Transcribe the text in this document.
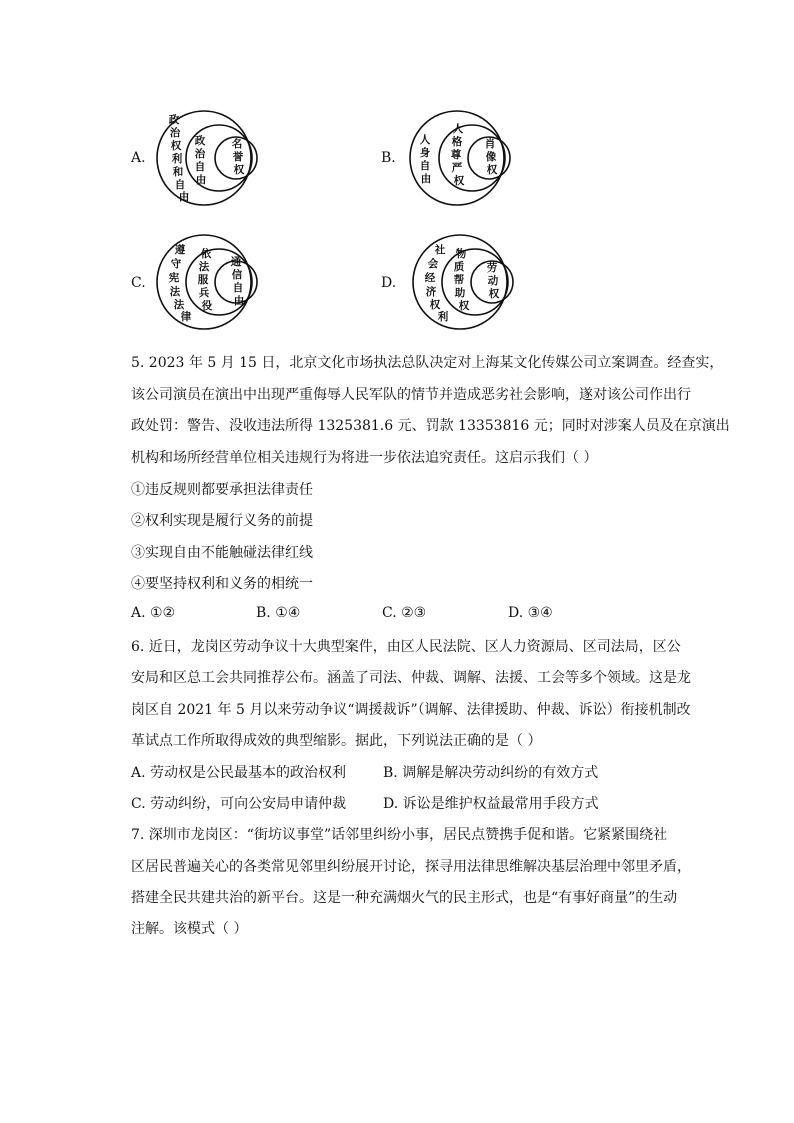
A.
政
治
权
利
和
自
由
政
治
自
由
名
誉
权
B.
人
身
自
由
人
格
尊
严
权
肖
像
权
C.
遵
守
宪
法
法
律
依
法
服
兵
役
通
信
自
由
D.
社
会
经
济
权
利
物
质
帮
助
权
劳
动
权
5. 2023 年 5 月 15 日，北京文化市场执法总队决定对上海某文化传媒公司立案调查。经查实，
该公司演员在演出中出现严重侮辱人民军队的情节并造成恶劣社会影响，遂对该公司作出行
政处罚：警告、没收违法所得 1325381.6 元、罚款 13353816 元；同时对涉案人员及在京演出
机构和场所经营单位相关违规行为将进一步依法追究责任。这启示我们（ ）
①违反规则都要承担法律责任
②权利实现是履行义务的前提
③实现自由不能触碰法律红线
④要坚持权利和义务的相统一
A. ①②	B. ①④	C. ②③	D. ③④
6. 近日，龙岗区劳动争议十大典型案件，由区人民法院、区人力资源局、区司法局，区公
安局和区总工会共同推荐公布。涵盖了司法、仲裁、调解、法援、工会等多个领域。这是龙
岗区自 2021 年 5 月以来劳动争议“调援裁诉”（调解、法律援助、仲裁、诉讼）衔接机制改
革试点工作所取得成效的典型缩影。据此，下列说法正确的是（ ）
A. 劳动权是公民最基本的政治权利	B. 调解是解决劳动纠纷的有效方式
C. 劳动纠纷，可向公安局申请仲裁	D. 诉讼是维护权益最常用手段方式
7. 深圳市龙岗区：“街坊议事堂”话邻里纠纷小事，居民点赞携手促和谐。它紧紧围绕社
区居民普遍关心的各类常见邻里纠纷展开讨论，探寻用法律思维解决基层治理中邻里矛盾，
搭建全民共建共治的新平台。这是一种充满烟火气的民主形式，也是“有事好商量”的生动
注解。该模式（ ）
